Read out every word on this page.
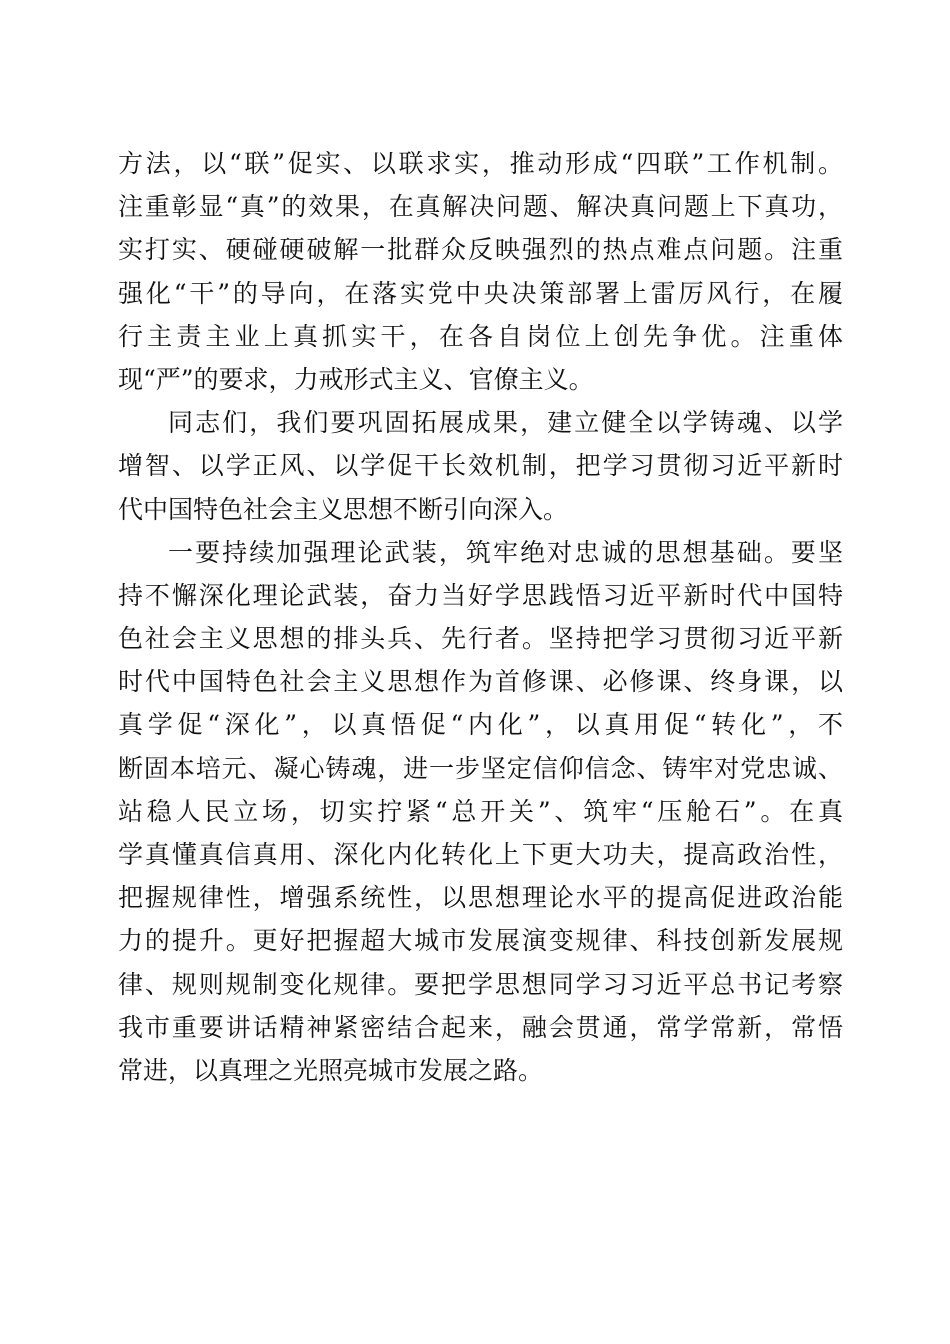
方法，以“联”促实、以联求实，推动形成“四联”工作机制。
注重彰显“真”的效果，在真解决问题、解决真问题上下真功，
实打实、硬碰硬破解一批群众反映强烈的热点难点问题。注重
强化“干”的导向，在落实党中央决策部署上雷厉风行，在履
行主责主业上真抓实干，在各自岗位上创先争优。注重体
现“严”的要求，力戒形式主义、官僚主义。
同志们，我们要巩固拓展成果，建立健全以学铸魂、以学
增智、以学正风、以学促干长效机制，把学习贯彻习近平新时
代中国特色社会主义思想不断引向深入。
一要持续加强理论武装，筑牢绝对忠诚的思想基础。要坚
持不懈深化理论武装，奋力当好学思践悟习近平新时代中国特
色社会主义思想的排头兵、先行者。坚持把学习贯彻习近平新
时代中国特色社会主义思想作为首修课、必修课、终身课，以
真学促“深化”，以真悟促“内化”，以真用促“转化”，不
断固本培元、凝心铸魂，进一步坚定信仰信念、铸牢对党忠诚、
站稳人民立场，切实拧紧“总开关”、筑牢“压舱石”。在真
学真懂真信真用、深化内化转化上下更大功夫，提高政治性，
把握规律性，增强系统性，以思想理论水平的提高促进政治能
力的提升。更好把握超大城市发展演变规律、科技创新发展规
律、规则规制变化规律。要把学思想同学习习近平总书记考察
我市重要讲话精神紧密结合起来，融会贯通，常学常新，常悟
常进，以真理之光照亮城市发展之路。
